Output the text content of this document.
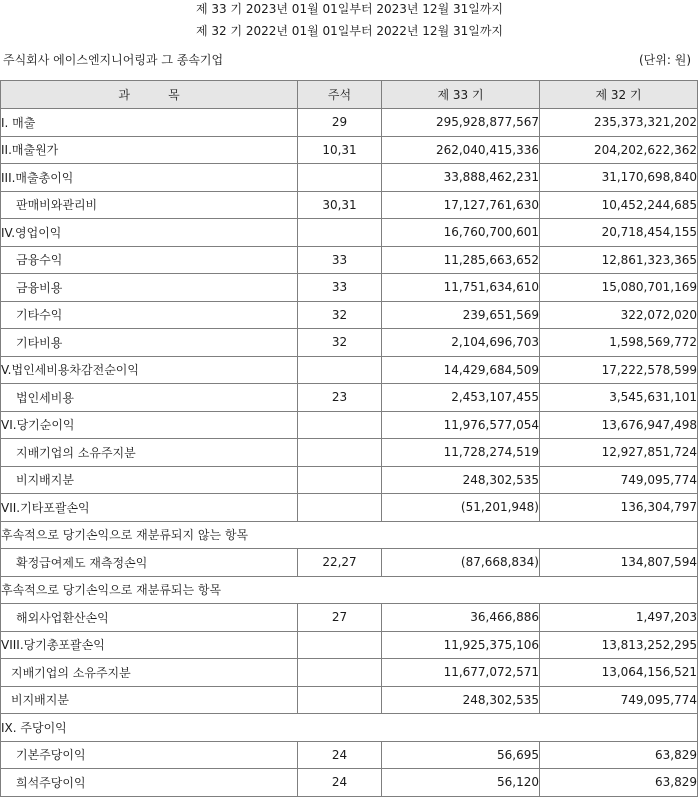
제 33 기 2023년 01월 01일부터 2023년 12월 31일까지
제 32 기 2022년 01월 01일부터 2022년 12월 31일까지
주식회사 에이스엔지니어링과 그 종속기업	(단위: 원)
과          목	주석	제 33 기	제 32 기
I. 매출	29	295,928,877,567	235,373,321,202
II.매출원가	10,31	262,040,415,336	204,202,622,362
III.매출총이익		33,888,462,231	31,170,698,840
판매비와관리비	30,31	17,127,761,630	10,452,244,685
IV.영업이익		16,760,700,601	20,718,454,155
금융수익	33	11,285,663,652	12,861,323,365
금융비용	33	11,751,634,610	15,080,701,169
기타수익	32	239,651,569	322,072,020
기타비용	32	2,104,696,703	1,598,569,772
V.법인세비용차감전순이익		14,429,684,509	17,222,578,599
법인세비용	23	2,453,107,455	3,545,631,101
VI.당기순이익		11,976,577,054	13,676,947,498
지배기업의 소유주지분		11,728,274,519	12,927,851,724
비지배지분		248,302,535	749,095,774
VII.기타포괄손익		(51,201,948)	136,304,797
후속적으로 당기손익으로 재분류되지 않는 항목			
확정급여제도 재측정손익	22,27	(87,668,834)	134,807,594
후속적으로 당기손익으로 재분류되는 항목			
해외사업환산손익	27	36,466,886	1,497,203
VIII.당기총포괄손익		11,925,375,106	13,813,252,295
지배기업의 소유주지분		11,677,072,571	13,064,156,521
비지배지분		248,302,535	749,095,774
IX. 주당이익			
기본주당이익	24	56,695	63,829
희석주당이익	24	56,120	63,829
